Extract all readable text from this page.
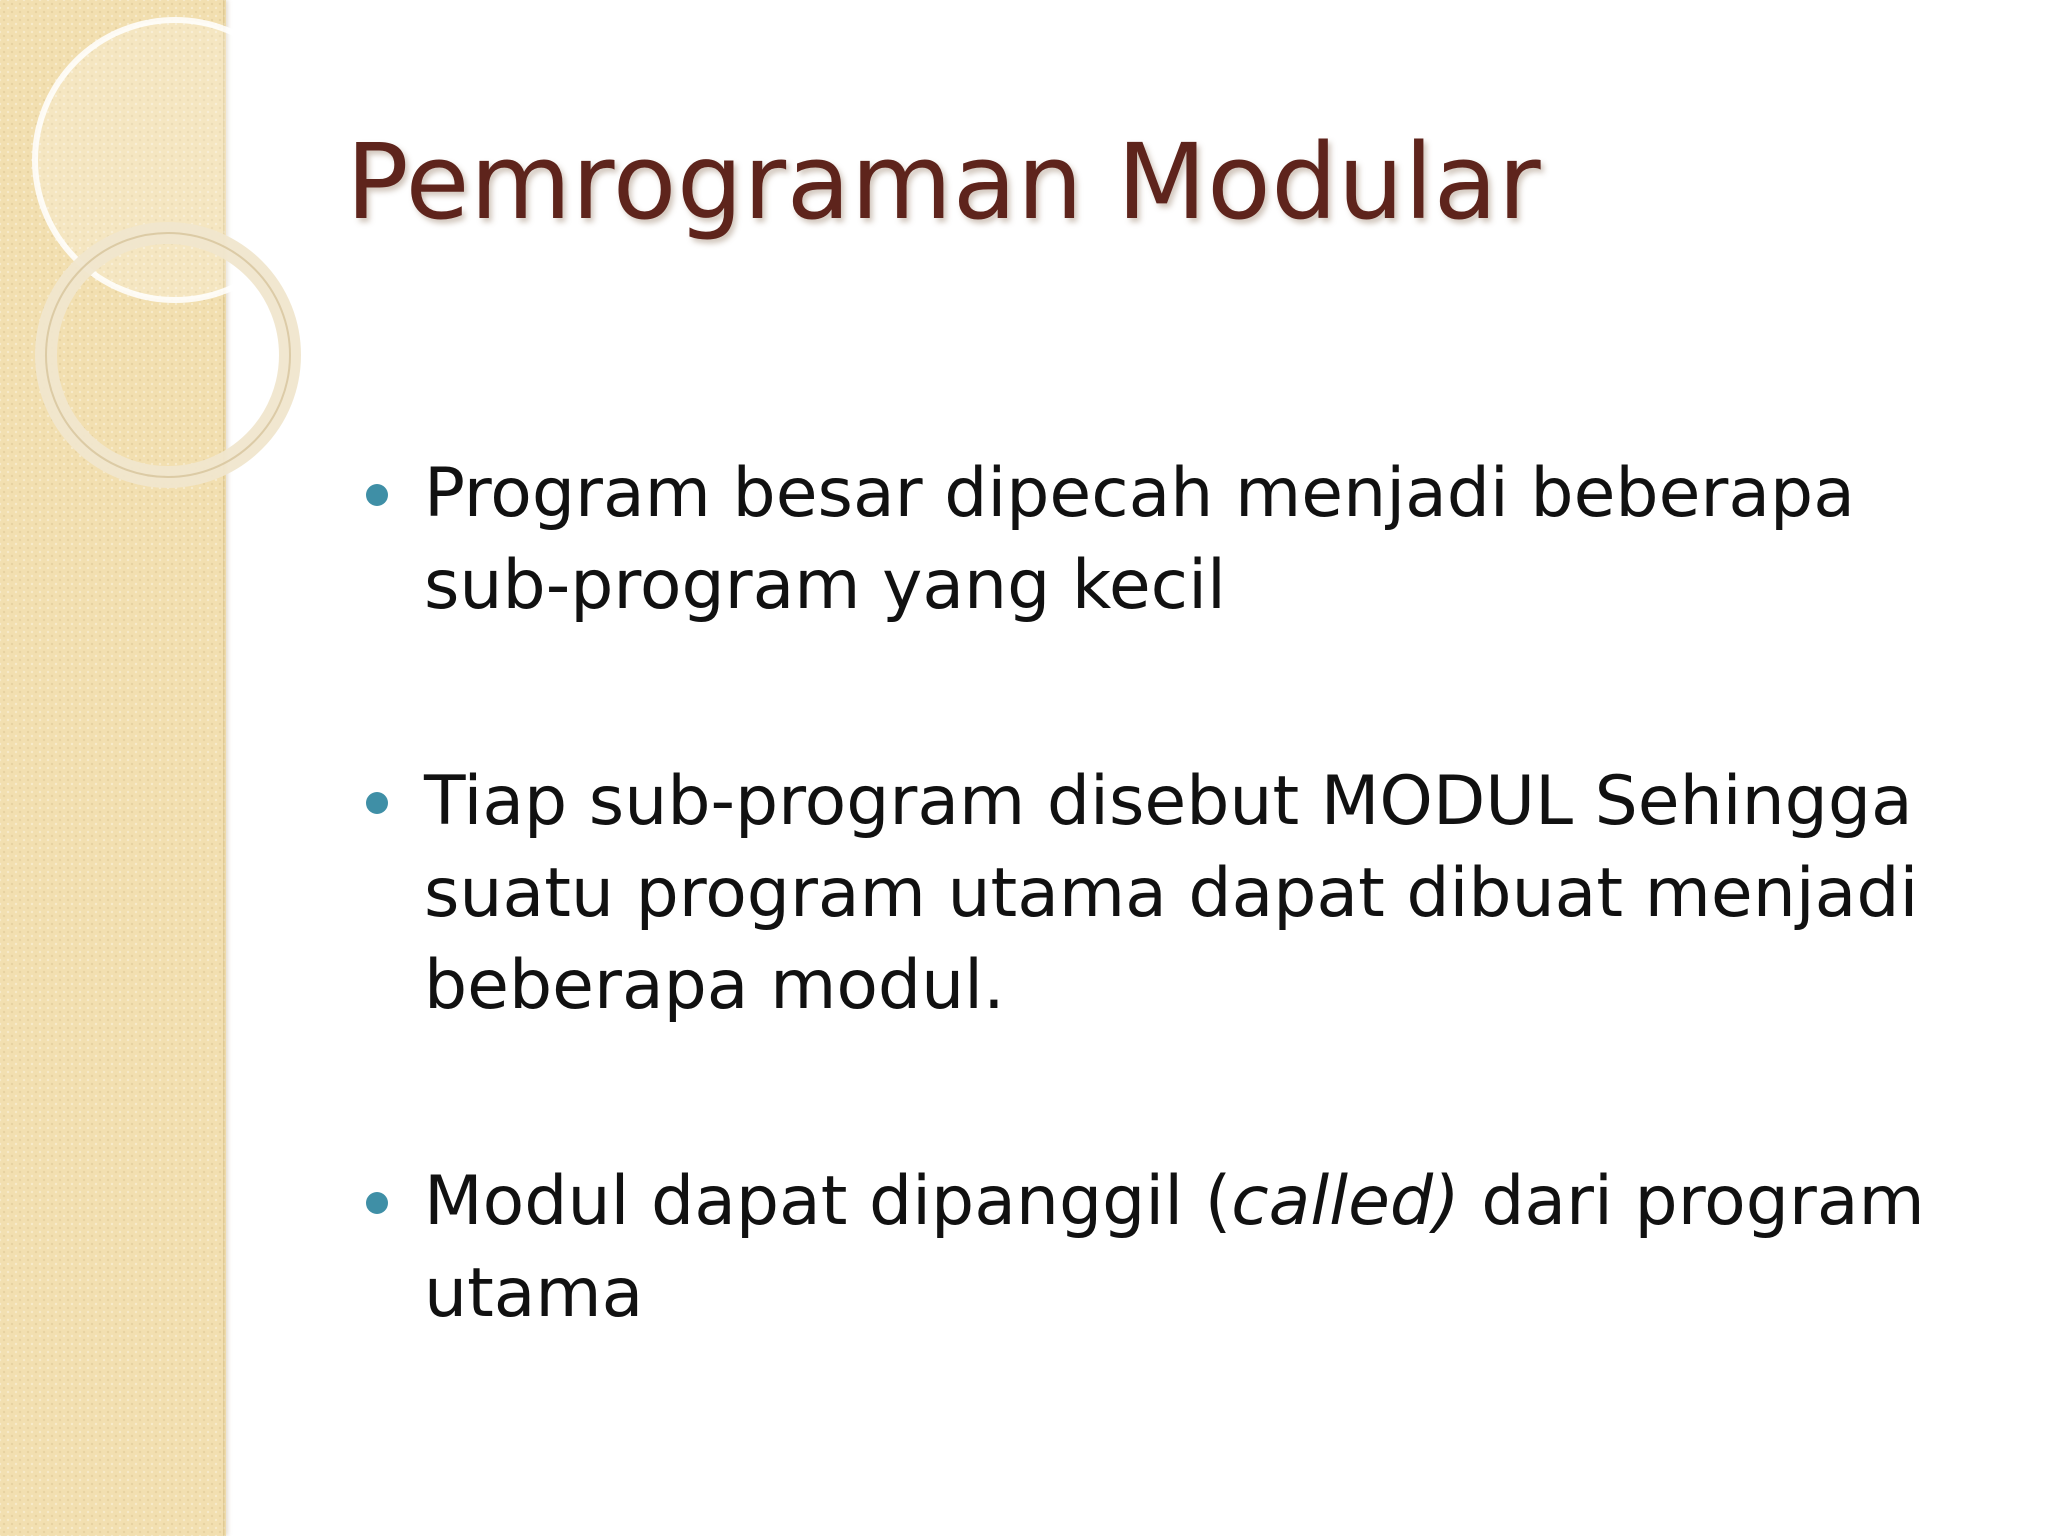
Pemrograman Modular
Program besar dipecah menjadi beberapa sub-program yang kecil
Tiap sub-program disebut MODUL Sehingga suatu program utama dapat dibuat menjadi beberapa modul.
Modul dapat dipanggil (called) dari program utama
